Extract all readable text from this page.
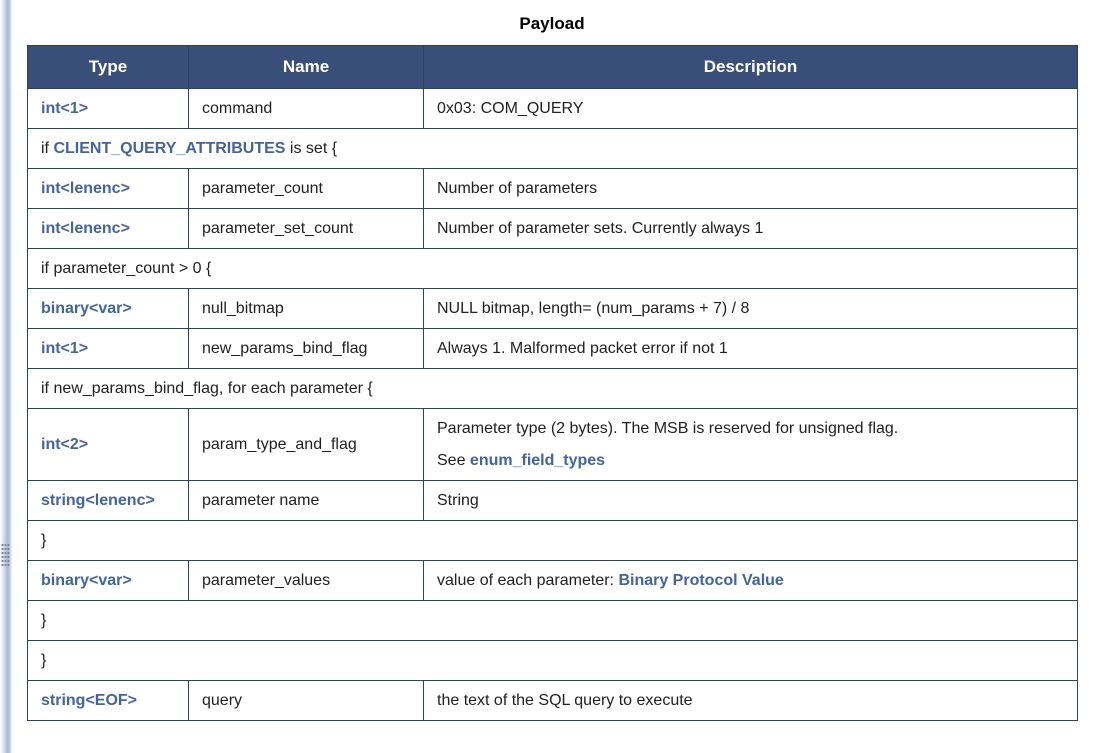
Payload
Type	Name	Description
int<1>	command	0x03: COM_QUERY

if CLIENT_QUERY_ATTRIBUTES is set {		

int<lenenc>	parameter_count	Number of parameters

int<lenenc>	parameter_set_count	Number of parameter sets. Currently always 1

if parameter_count > 0 {		

binary<var>	null_bitmap	NULL bitmap, length= (num_params + 7) / 8

int<1>	new_params_bind_flag	Always 1. Malformed packet error if not 1

if new_params_bind_flag, for each parameter {		

int<2>	param_type_and_flag	Parameter type (2 bytes). The MSB is reserved for unsigned flag.
See enum_field_types

string<lenenc>	parameter name	String

}		

binary<var>	parameter_values	value of each parameter: Binary Protocol Value

}		

}		

string<EOF>	query	the text of the SQL query to execute
